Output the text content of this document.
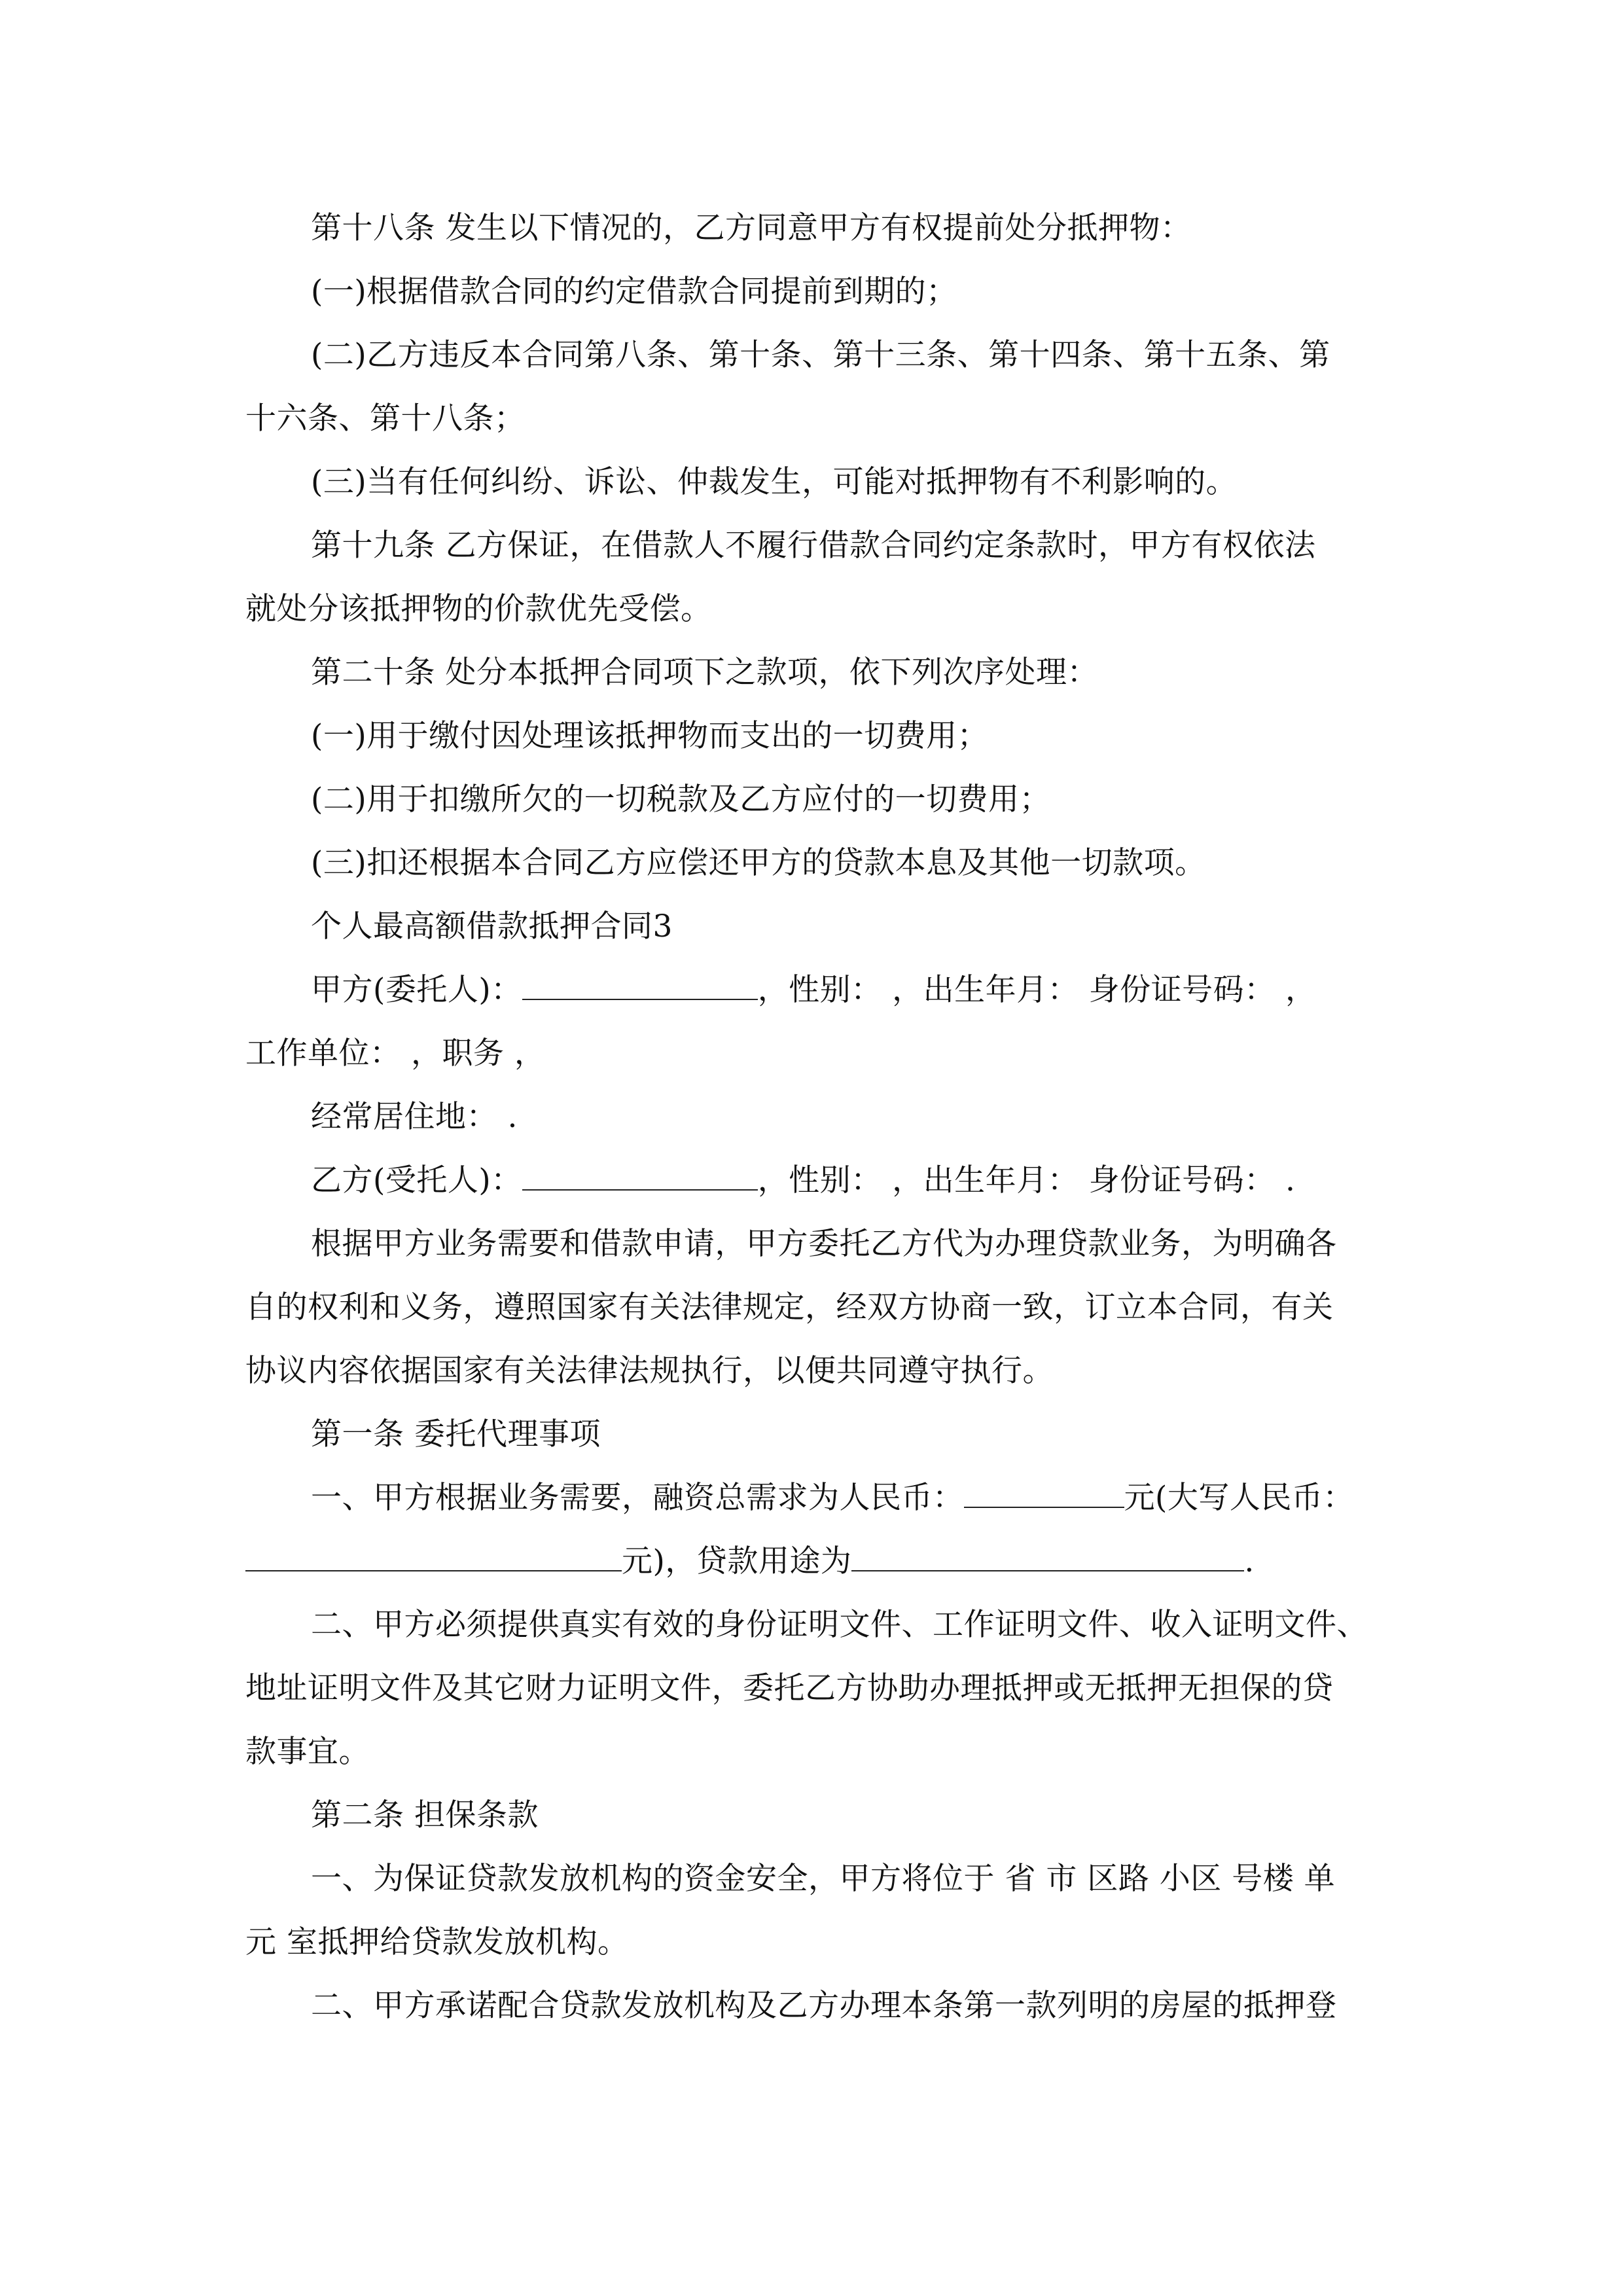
第十八条 发生以下情况的，乙方同意甲方有权提前处分抵押物：

(一)根据借款合同的约定借款合同提前到期的；

(二)乙方违反本合同第八条、第十条、第十三条、第十四条、第十五条、第

十六条、第十八条；

(三)当有任何纠纷、诉讼、仲裁发生，可能对抵押物有不利影响的。

第十九条 乙方保证，在借款人不履行借款合同约定条款时，甲方有权依法

就处分该抵押物的价款优先受偿。

第二十条 处分本抵押合同项下之款项，依下列次序处理：

(一)用于缴付因处理该抵押物而支出的一切费用；

(二)用于扣缴所欠的一切税款及乙方应付的一切费用；

(三)扣还根据本合同乙方应偿还甲方的贷款本息及其他一切款项。

个人最高额借款抵押合同3

甲方(委托人)：	，性别： ，出生年月： 身份证号码： ，

工作单位： ，职务 ，

经常居住地： .

乙方(受托人)：	，性别： ，出生年月： 身份证号码： .

根据甲方业务需要和借款申请，甲方委托乙方代为办理贷款业务，为明确各

自的权利和义务，遵照国家有关法律规定，经双方协商一致，订立本合同，有关

协议内容依据国家有关法律法规执行，以便共同遵守执行。

第一条 委托代理事项

一、甲方根据业务需要，融资总需求为人民币：	元(大写人民币：

元)，贷款用途为	.

二、甲方必须提供真实有效的身份证明文件、工作证明文件、收入证明文件、

地址证明文件及其它财力证明文件，委托乙方协助办理抵押或无抵押无担保的贷

款事宜。

第二条 担保条款

一、为保证贷款发放机构的资金安全，甲方将位于 省 市 区路 小区 号楼 单

元 室抵押给贷款发放机构。

二、甲方承诺配合贷款发放机构及乙方办理本条第一款列明的房屋的抵押登
